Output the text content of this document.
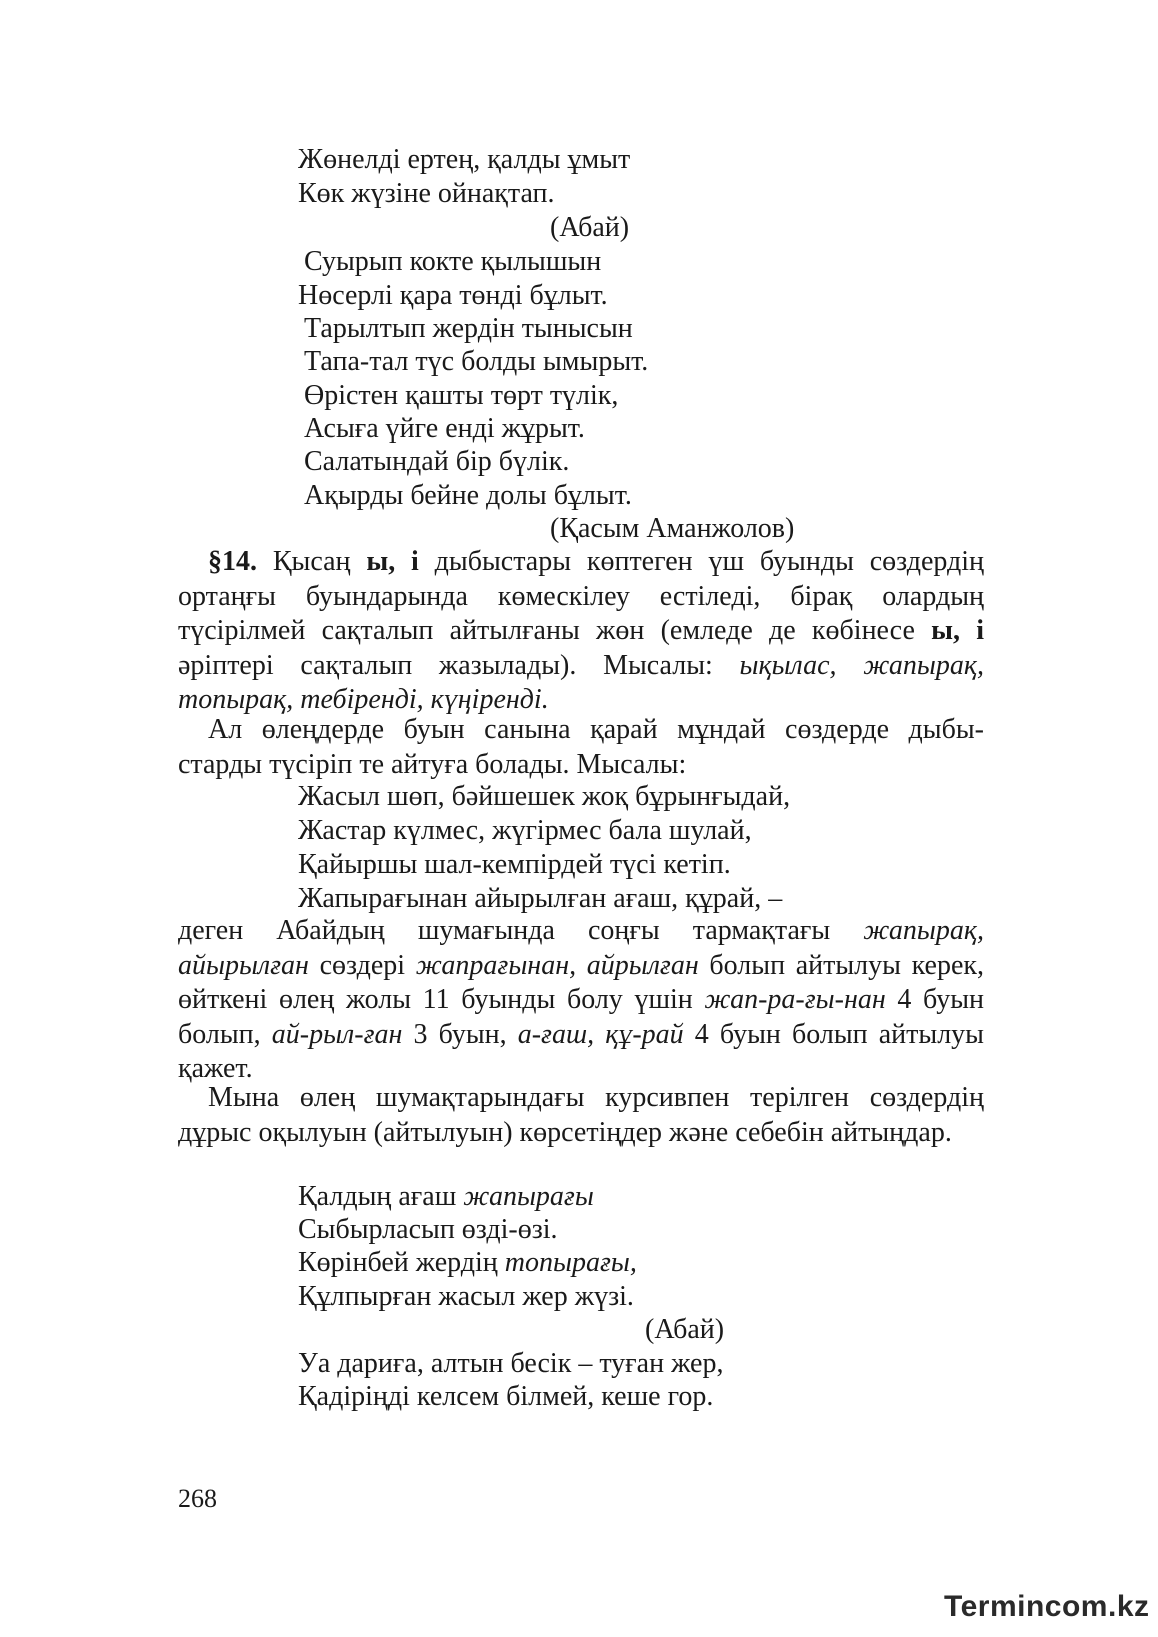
Жөнелді ертең, қалды ұмыт
Көк жүзіне ойнақтап.
(Абай)
Суырып кокте қылышын
Нөсерлі қара төнді бұлыт.
Тарылтып жердін тынысын
Тапа-тал түс болды ымырыт.
Өрістен қашты төрт түлік,
Асыға үйге енді жұрыт.
Салатындай бір бүлік.
Ақырды бейне долы бұлыт.
(Қасым Аманжолов)
§14. Қысаң ы, і дыбыстары көптеген үш буынды сөздердің ортаңғы буындарында көмескілеу естіледі, бірақ олардың түсірілмей сақталып айтылғаны жөн (емледе де көбінесе ы, і әріптері сақталып жазылады). Мысалы: ықылас, жапырақ, топырақ, тебіренді, күңіренді.
Ал өлеңдерде буын санына қарай мұндай сөздерде дыбы-
старды түсіріп те айтуға болады. Мысалы:
Жасыл шөп, бәйшешек жоқ бұрынғыдай,
Жастар күлмес, жүгірмес бала шулай,
Қайыршы шал-кемпірдей түсі кетіп.
Жапырағынан айырылған ағаш, құрай, –
деген Абайдың шумағында соңғы тармақтағы жапырақ, айырылған сөздері жапрағынан, айрылған болып айтылуы керек, өйткені өлең жолы 11 буынды болу үшін жап-ра-ғы-нан 4 буын болып, ай-рыл-ған 3 буын, а-ғаш, құ-рай 4 буын болып айтылуы қажет.
Мына өлең шумақтарындағы курсивпен терілген сөздердің дұрыс оқылуын (айтылуын) көрсетіңдер және себебін айтыңдар.
Қалдың ағаш жапырағы
Сыбырласып өзді-өзі.
Көрінбей жердің топырағы,
Құлпырған жасыл жер жүзі.
(Абай)
Уа дариға, алтын бесік – туған жер,
Қадіріңді келсем білмей, кеше гор.
268
Termincom.kz
